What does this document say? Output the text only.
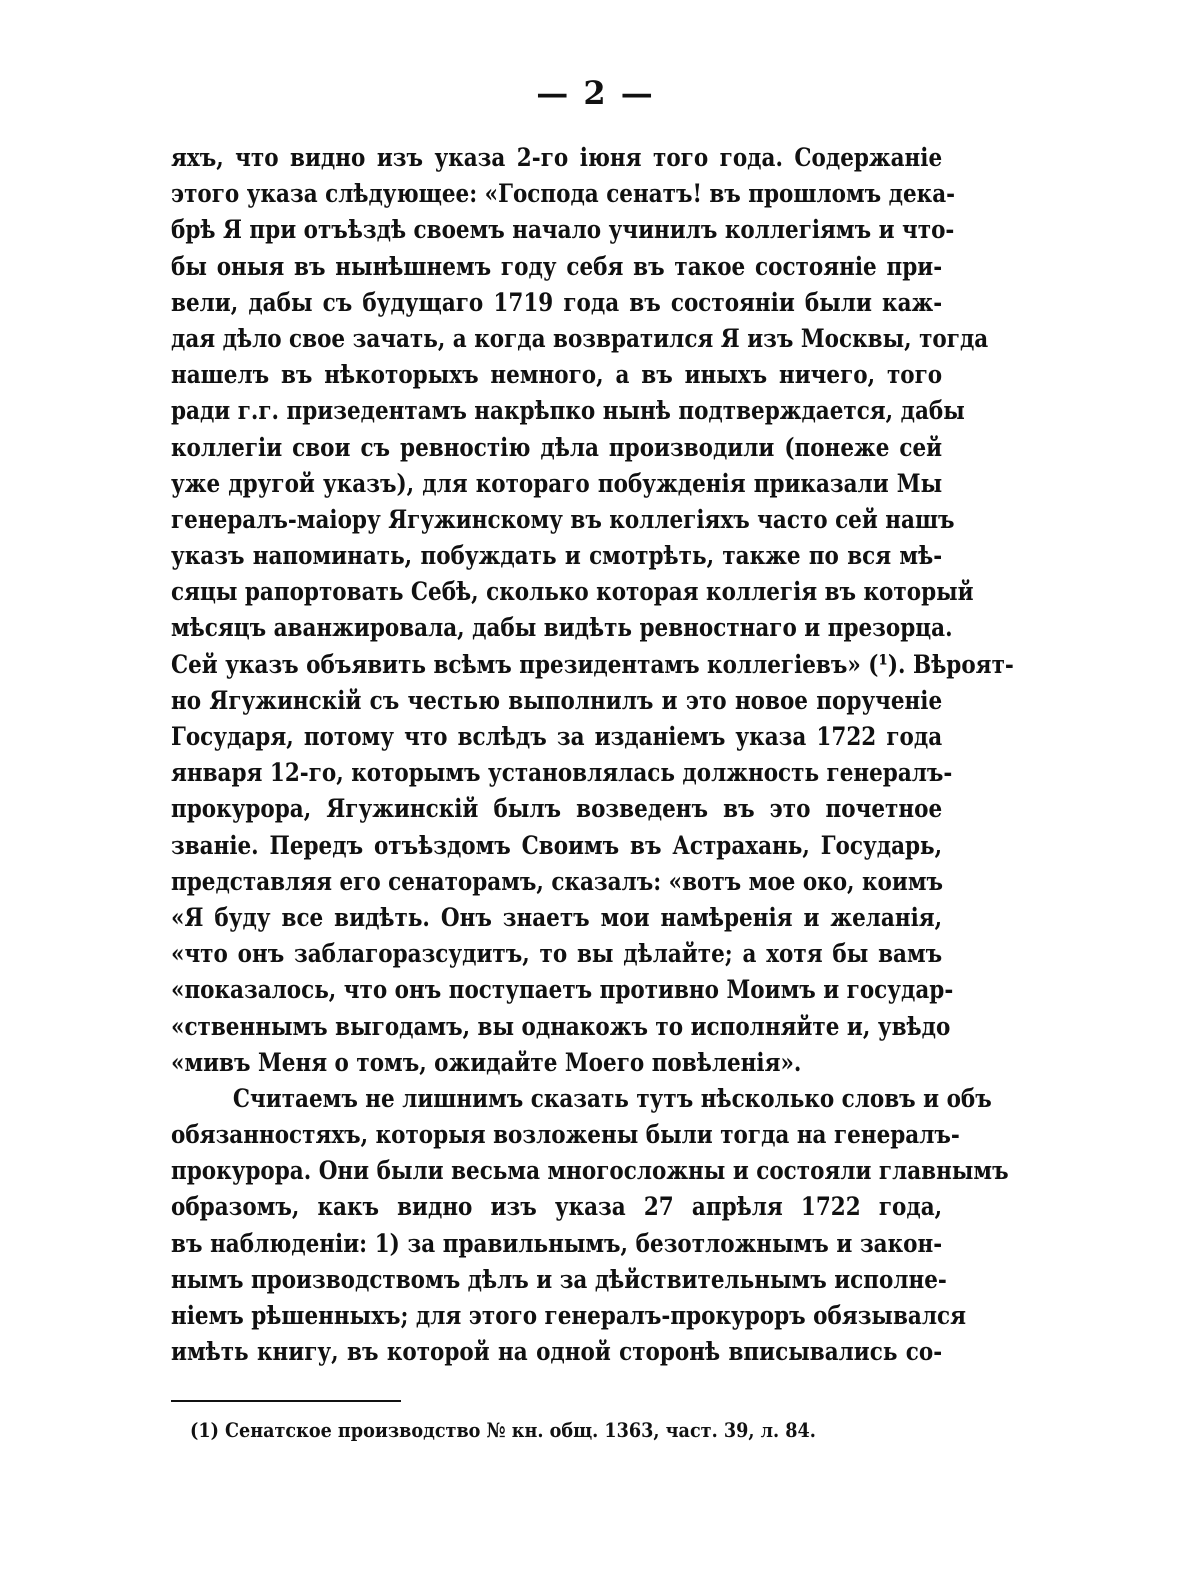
— 2 —
яхъ, что видно изъ указа 2-го іюня того года. Содержаніе
этого указа слѣдующее: «Господа сенатъ! въ прошломъ дека-
брѣ Я при отъѣздѣ своемъ начало учинилъ коллегіямъ и что-
бы оныя въ нынѣшнемъ году себя въ такое состояніе при-
вели, дабы съ будущаго 1719 года въ состояніи были каж-
дая дѣло свое зачать, а когда возвратился Я изъ Москвы, тогда
нашелъ въ нѣкоторыхъ немного, а въ иныхъ ничего, того
ради г.г. призедентамъ накрѣпко нынѣ подтверждается, дабы
коллегіи свои съ ревностію дѣла производили (понеже сей
уже другой указъ), для котораго побужденія приказали Мы
генералъ-маіору Ягужинскому въ коллегіяхъ часто сей нашъ
указъ напоминать, побуждать и смотрѣть, также по вся мѣ-
сяцы рапортовать Себѣ, сколько которая коллегія въ который
мѣсяцъ аванжировала, дабы видѣть ревностнаго и презорца.
Сей указъ объявить всѣмъ президентамъ коллегіевъ» (¹). Вѣроят-
но Ягужинскій съ честью выполнилъ и это новое порученіе
Государя, потому что вслѣдъ за изданіемъ указа 1722 года
января 12-го, которымъ установлялась должность генералъ-
прокурора, Ягужинскій былъ возведенъ въ это почетное
званіе. Передъ отъѣздомъ Своимъ въ Астрахань, Государь,
представляя его сенаторамъ, сказалъ: «вотъ мое око, коимъ
«Я буду все видѣть. Онъ знаетъ мои намѣренія и желанія,
«что онъ заблагоразсудитъ, то вы дѣлайте; а хотя бы вамъ
«показалось, что онъ поступаетъ противно Моимъ и государ-
«ственнымъ выгодамъ, вы однакожъ то исполняйте и, увѣдо
«мивъ Меня о томъ, ожидайте Моего повѣленія».
Считаемъ не лишнимъ сказать тутъ нѣсколько словъ и объ
обязанностяхъ, которыя возложены были тогда на генералъ-
прокурора. Они были весьма многосложны и состояли главнымъ
образомъ, какъ видно изъ указа 27 апрѣля 1722 года,
въ наблюденіи: 1) за правильнымъ, безотложнымъ и закон-
нымъ производствомъ дѣлъ и за дѣйствительнымъ исполне-
ніемъ рѣшенныхъ; для этого генералъ-прокуроръ обязывался
имѣть книгу, въ которой на одной сторонѣ вписывались со-
(1) Сенатское производство № кн. общ. 1363, част. 39, л. 84.
